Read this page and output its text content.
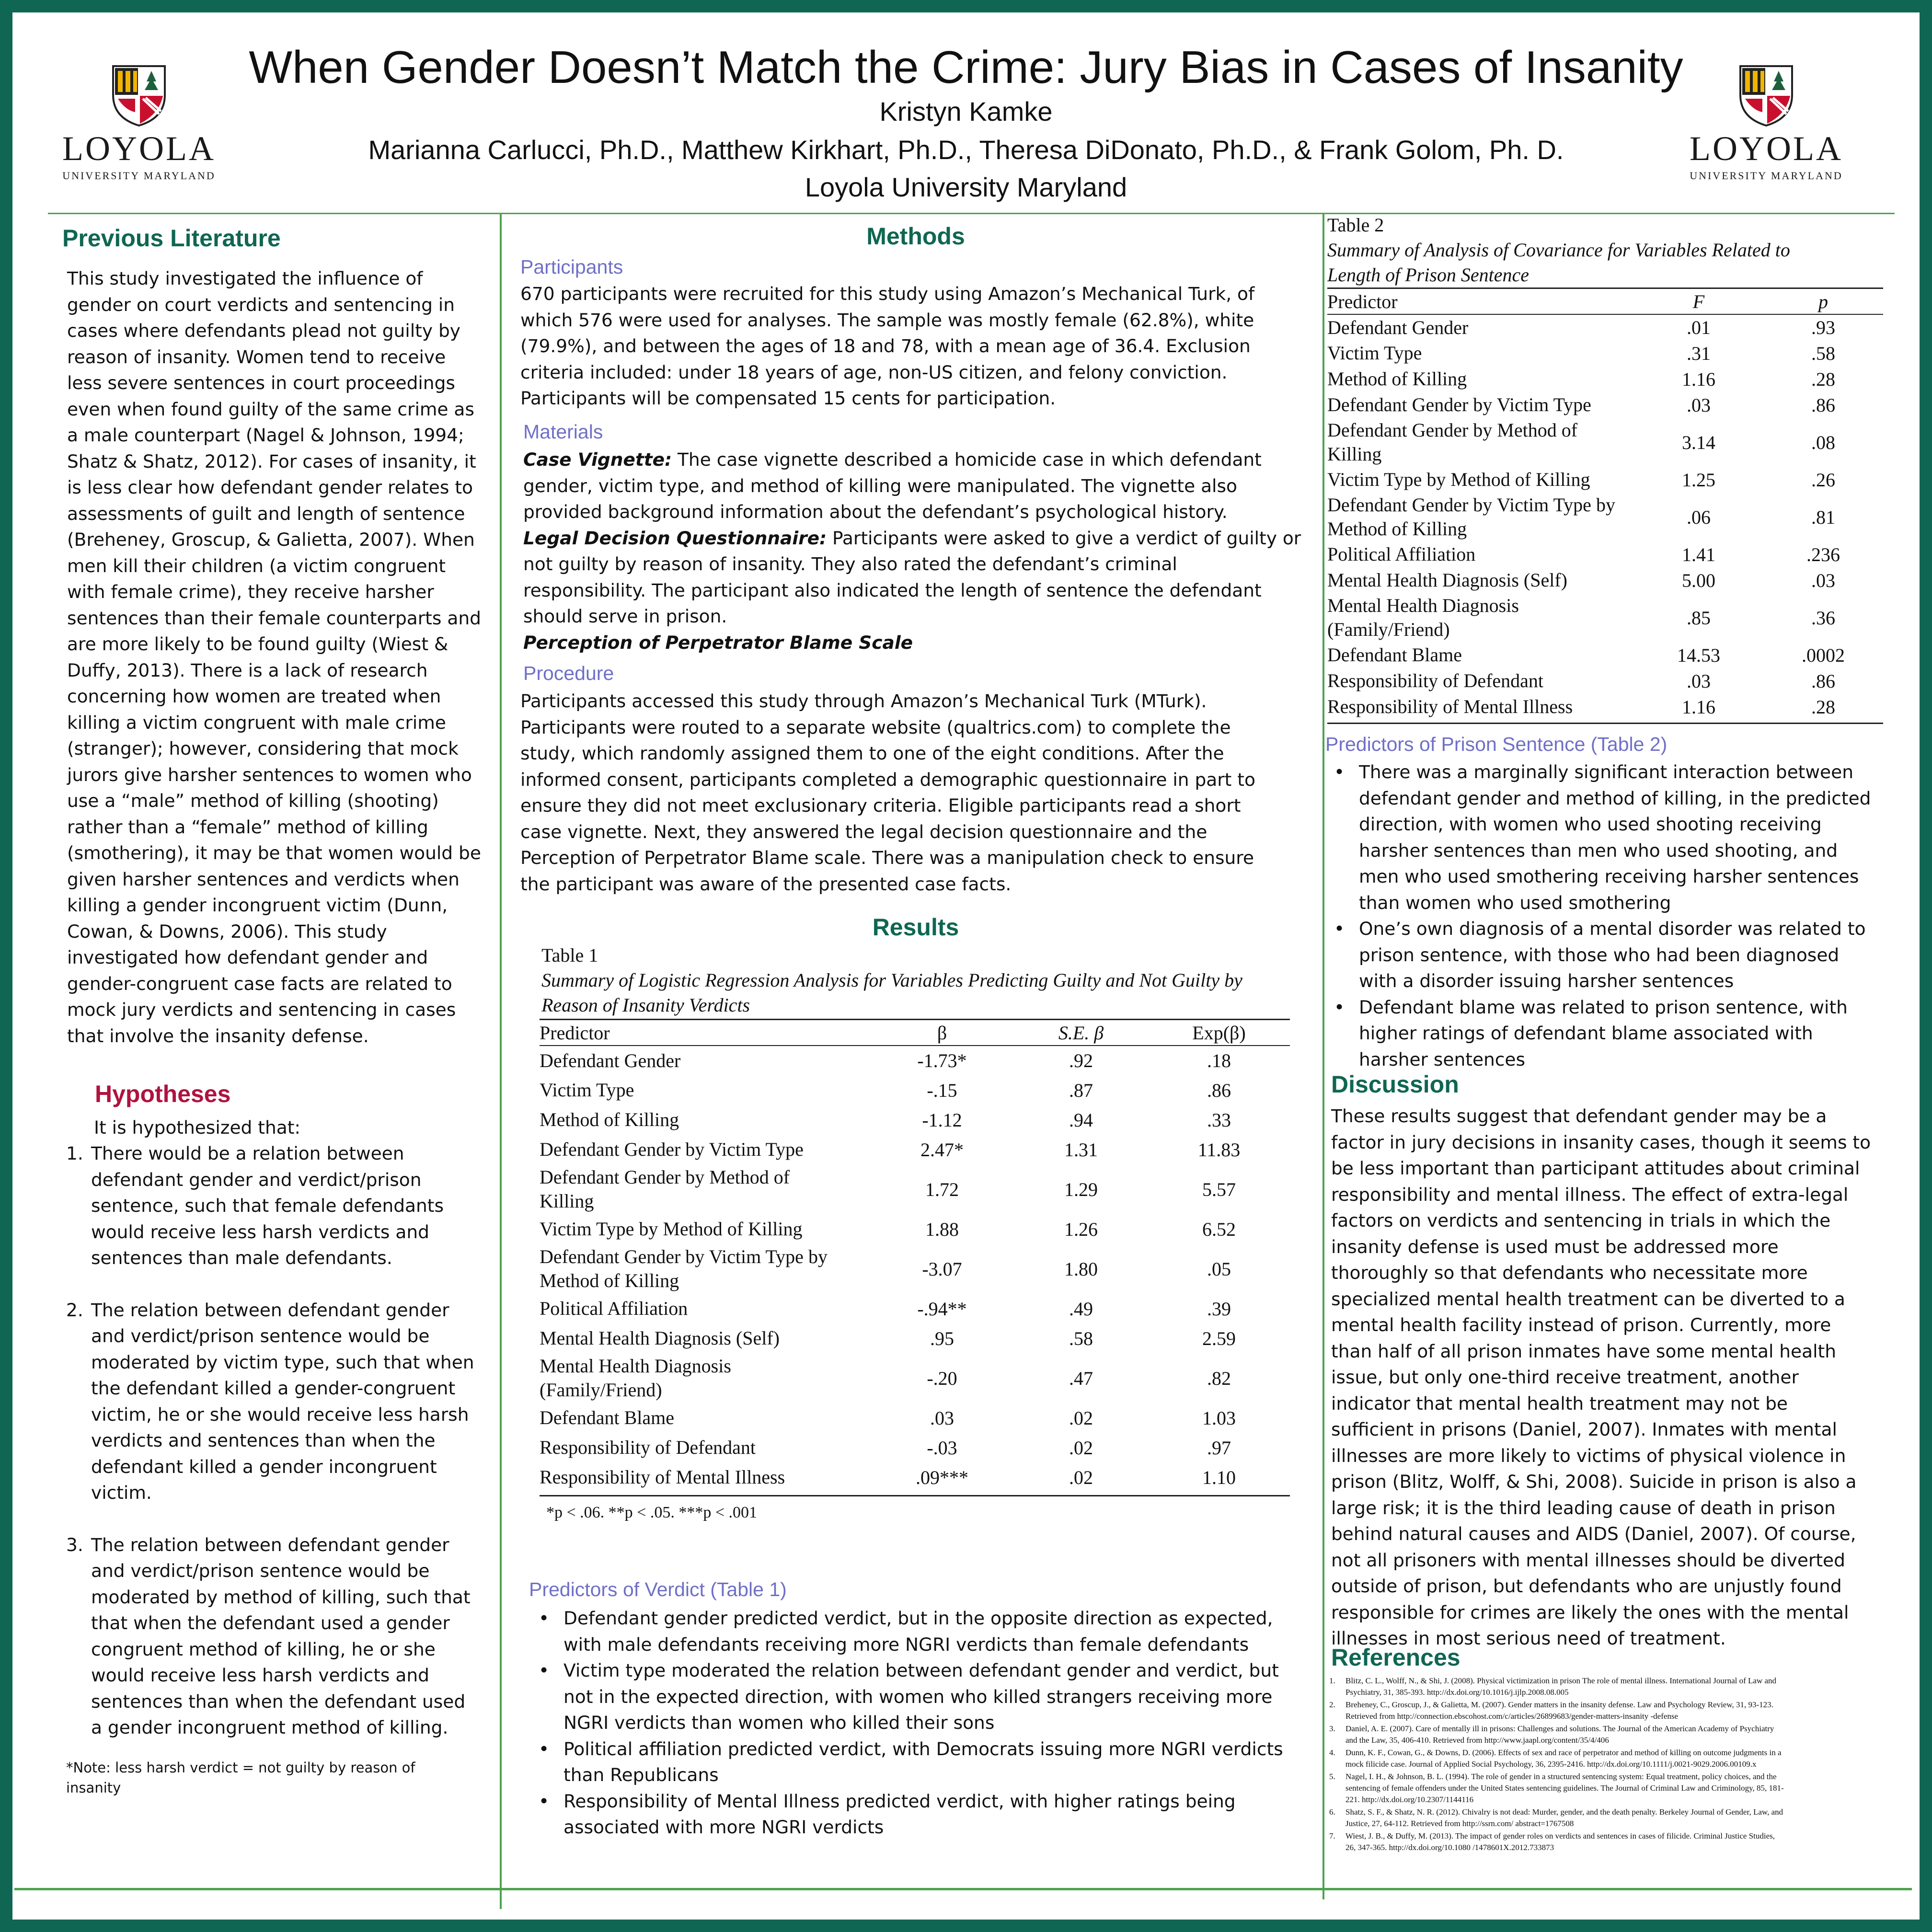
When Gender Doesn’t Match the Crime: Jury Bias in Cases of Insanity
Kristyn Kamke
Marianna Carlucci, Ph.D., Matthew Kirkhart, Ph.D., Theresa DiDonato, Ph.D., & Frank Golom, Ph. D.
Loyola University Maryland
LOYOLA
UNIVERSITY MARYLAND
LOYOLA
UNIVERSITY MARYLAND
Previous Literature
This study investigated the influence of
gender on court verdicts and sentencing in
cases where defendants plead not guilty by
reason of insanity. Women tend to receive
less severe sentences in court proceedings
even when found guilty of the same crime as
a male counterpart (Nagel & Johnson, 1994;
Shatz & Shatz, 2012). For cases of insanity, it
is less clear how defendant gender relates to
assessments of guilt and length of sentence
(Breheney, Groscup, & Galietta, 2007). When
men kill their children (a victim congruent
with female crime), they receive harsher
sentences than their female counterparts and
are more likely to be found guilty (Wiest &
Duffy, 2013). There is a lack of research
concerning how women are treated when
killing a victim congruent with male crime
(stranger); however, considering that mock
jurors give harsher sentences to women who
use a “male” method of killing (shooting)
rather than a “female” method of killing
(smothering), it may be that women would be
given harsher sentences and verdicts when
killing a gender incongruent victim (Dunn,
Cowan, & Downs, 2006). This study
investigated how defendant gender and
gender-congruent case facts are related to
mock jury verdicts and sentencing in cases
that involve the insanity defense.
Hypotheses
It is hypothesized that:
1. There would be a relation between
defendant gender and verdict/prison
sentence, such that female defendants
would receive less harsh verdicts and
sentences than male defendants.
2. The relation between defendant gender
and verdict/prison sentence would be
moderated by victim type, such that when
the defendant killed a gender-congruent
victim, he or she would receive less harsh
verdicts and sentences than when the
defendant killed a gender incongruent
victim.
3. The relation between defendant gender
and verdict/prison sentence would be
moderated by method of killing, such that
that when the defendant used a gender
congruent method of killing, he or she
would receive less harsh verdicts and
sentences than when the defendant used
a gender incongruent method of killing.
*Note: less harsh verdict = not guilty by reason of
insanity
Methods
Participants
670 participants were recruited for this study using Amazon’s Mechanical Turk, of
which 576 were used for analyses. The sample was mostly female (62.8%), white
(79.9%), and between the ages of 18 and 78, with a mean age of 36.4. Exclusion
criteria included: under 18 years of age, non-US citizen, and felony conviction.
Participants will be compensated 15 cents for participation.
Materials

Case Vignette: The case vignette described a homicide case in which defendant

gender, victim type, and method of killing were manipulated. The vignette also
provided background information about the defendant’s psychological history.

Legal Decision Questionnaire: Participants were asked to give a verdict of guilty or

not guilty by reason of insanity. They also rated the defendant’s criminal
responsibility. The participant also indicated the length of sentence the defendant
should serve in prison.

Perception of Perpetrator Blame Scale

Procedure
Participants accessed this study through Amazon’s Mechanical Turk (MTurk).
Participants were routed to a separate website (qualtrics.com) to complete the
study, which randomly assigned them to one of the eight conditions. After the
informed consent, participants completed a demographic questionnaire in part to
ensure they did not meet exclusionary criteria. Eligible participants read a short
case vignette. Next, they answered the legal decision questionnaire and the
Perception of Perpetrator Blame scale. There was a manipulation check to ensure
the participant was aware of the presented case facts.
Results
Table 1
Summary of Logistic Regression Analysis for Variables Predicting Guilty and Not Guilty by
Reason of Insanity Verdicts
Predictor	β	S.E. β	Exp(β)

Defendant Gender	-1.73*	.92	.18

Victim Type	-.15	.87	.86

Method of Killing	-1.12	.94	.33

Defendant Gender by Victim Type	2.47*	1.31	11.83

Defendant Gender by Method of
Killing	1.72	1.29	5.57

Victim Type by Method of Killing	1.88	1.26	6.52

Defendant Gender by Victim Type by
Method of Killing	-3.07	1.80	.05

Political Affiliation	-.94**	.49	.39

Mental Health Diagnosis (Self)	.95	.58	2.59

Mental Health Diagnosis
(Family/Friend)	-.20	.47	.82

Defendant Blame	.03	.02	1.03

Responsibility of Defendant	-.03	.02	.97

Responsibility of Mental Illness	.09***	.02	1.10
*p < .06. **p < .05. ***p < .001
Predictors of Verdict (Table 1)
• Defendant gender predicted verdict, but in the opposite direction as expected,
with male defendants receiving more NGRI verdicts than female defendants
• Victim type moderated the relation between defendant gender and verdict, but
not in the expected direction, with women who killed strangers receiving more
NGRI verdicts than women who killed their sons
• Political affiliation predicted verdict, with Democrats issuing more NGRI verdicts
than Republicans
• Responsibility of Mental Illness predicted verdict, with higher ratings being
associated with more NGRI verdicts
Table 2
Summary of Analysis of Covariance for Variables Related to
Length of Prison Sentence
Predictor	F	p

Defendant Gender	.01	.93

Victim Type	.31	.58

Method of Killing	1.16	.28

Defendant Gender by Victim Type	.03	.86

Defendant Gender by Method of
Killing	3.14	.08

Victim Type by Method of Killing	1.25	.26

Defendant Gender by Victim Type by
Method of Killing	.06	.81

Political Affiliation	1.41	.236

Mental Health Diagnosis (Self)	5.00	.03

Mental Health Diagnosis
(Family/Friend)	.85	.36

Defendant Blame	14.53	.0002

Responsibility of Defendant	.03	.86

Responsibility of Mental Illness	1.16	.28
Predictors of Prison Sentence (Table 2)
• There was a marginally significant interaction between
defendant gender and method of killing, in the predicted
direction, with women who used shooting receiving
harsher sentences than men who used shooting, and
men who used smothering receiving harsher sentences
than women who used smothering
• One’s own diagnosis of a mental disorder was related to
prison sentence, with those who had been diagnosed
with a disorder issuing harsher sentences
• Defendant blame was related to prison sentence, with
higher ratings of defendant blame associated with
harsher sentences
Discussion
These results suggest that defendant gender may be a
factor in jury decisions in insanity cases, though it seems to
be less important than participant attitudes about criminal
responsibility and mental illness. The effect of extra-legal
factors on verdicts and sentencing in trials in which the
insanity defense is used must be addressed more
thoroughly so that defendants who necessitate more
specialized mental health treatment can be diverted to a
mental health facility instead of prison. Currently, more
than half of all prison inmates have some mental health
issue, but only one-third receive treatment, another
indicator that mental health treatment may not be
sufficient in prisons (Daniel, 2007). Inmates with mental
illnesses are more likely to victims of physical violence in
prison (Blitz, Wolff, & Shi, 2008). Suicide in prison is also a
large risk; it is the third leading cause of death in prison
behind natural causes and AIDS (Daniel, 2007). Of course,
not all prisoners with mental illnesses should be diverted
outside of prison, but defendants who are unjustly found
responsible for crimes are likely the ones with the mental
illnesses in most serious need of treatment.
References
1. Blitz, C. L., Wolff, N., & Shi, J. (2008). Physical victimization in prison The role of mental illness. International Journal of Law and
Psychiatry, 31, 385-393. http://dx.doi.org/10.1016/j.ijlp.2008.08.005
2. Breheney, C., Groscup, J., & Galietta, M. (2007). Gender matters in the insanity defense. Law and Psychology Review, 31, 93-123.
Retrieved from http://connection.ebscohost.com/c/articles/26899683/gender-matters-insanity -defense
3. Daniel, A. E. (2007). Care of mentally ill in prisons: Challenges and solutions. The Journal of the American Academy of Psychiatry
and the Law, 35, 406-410. Retrieved from http://www.jaapl.org/content/35/4/406
4. Dunn, K. F., Cowan, G., & Downs, D. (2006). Effects of sex and race of perpetrator and method of killing on outcome judgments in a
mock filicide case. Journal of Applied Social Psychology, 36, 2395-2416. http://dx.doi.org/10.1111/j.0021-9029.2006.00109.x
5. Nagel, I. H., & Johnson, B. L. (1994). The role of gender in a structured sentencing system: Equal treatment, policy choices, and the
sentencing of female offenders under the United States sentencing guidelines. The Journal of Criminal Law and Criminology, 85, 181-
221. http://dx.doi.org/10.2307/1144116
6. Shatz, S. F., & Shatz, N. R. (2012). Chivalry is not dead: Murder, gender, and the death penalty. Berkeley Journal of Gender, Law, and
Justice, 27, 64-112. Retrieved from http://ssrn.com/ abstract=1767508
7. Wiest, J. B., & Duffy, M. (2013). The impact of gender roles on verdicts and sentences in cases of filicide. Criminal Justice Studies,
26, 347-365. http://dx.doi.org/10.1080 /1478601X.2012.733873
